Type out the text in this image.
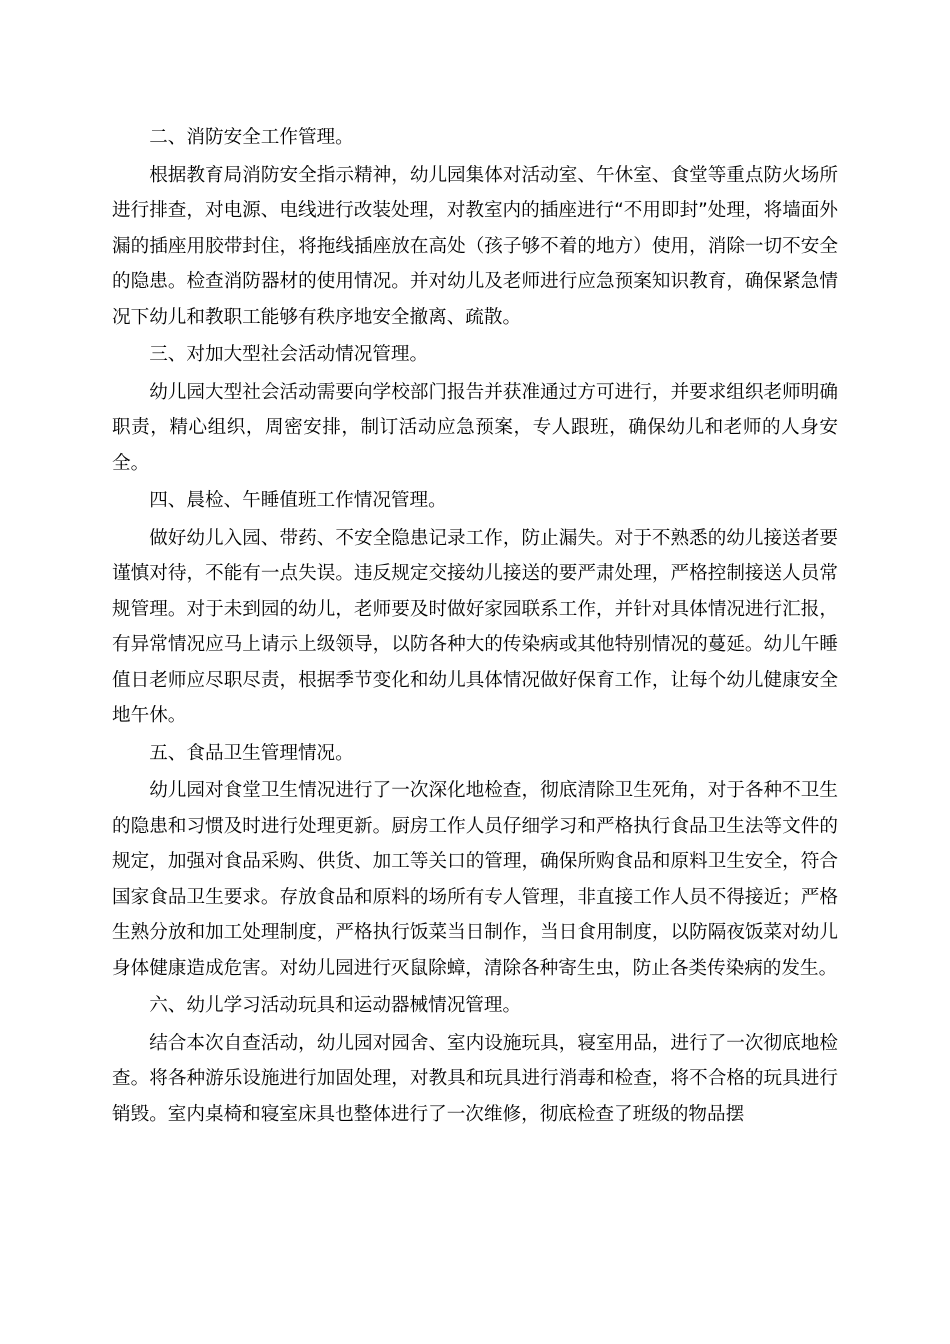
二、消防安全工作管理。

根据教育局消防安全指示精神，幼儿园集体对活动室、午休室、食堂等重点防火场所进行排查，对电源、电线进行改装处理，对教室内的插座进行“不用即封”处理，将墙面外漏的插座用胶带封住，将拖线插座放在高处（孩子够不着的地方）使用，消除一切不安全的隐患。检查消防器材的使用情况。并对幼儿及老师进行应急预案知识教育，确保紧急情况下幼儿和教职工能够有秩序地安全撤离、疏散。

三、对加大型社会活动情况管理。

幼儿园大型社会活动需要向学校部门报告并获准通过方可进行，并要求组织老师明确职责，精心组织，周密安排，制订活动应急预案，专人跟班，确保幼儿和老师的人身安全。

四、晨检、午睡值班工作情况管理。

做好幼儿入园、带药、不安全隐患记录工作，防止漏失。对于不熟悉的幼儿接送者要谨慎对待，不能有一点失误。违反规定交接幼儿接送的要严肃处理，严格控制接送人员常规管理。对于未到园的幼儿，老师要及时做好家园联系工作，并针对具体情况进行汇报，有异常情况应马上请示上级领导，以防各种大的传染病或其他特别情况的蔓延。幼儿午睡值日老师应尽职尽责，根据季节变化和幼儿具体情况做好保育工作，让每个幼儿健康安全地午休。

五、食品卫生管理情况。

幼儿园对食堂卫生情况进行了一次深化地检查，彻底清除卫生死角，对于各种不卫生的隐患和习惯及时进行处理更新。厨房工作人员仔细学习和严格执行食品卫生法等文件的规定，加强对食品采购、供货、加工等关口的管理，确保所购食品和原料卫生安全，符合国家食品卫生要求。存放食品和原料的场所有专人管理，非直接工作人员不得接近；严格生熟分放和加工处理制度，严格执行饭菜当日制作，当日食用制度，以防隔夜饭菜对幼儿身体健康造成危害。对幼儿园进行灭鼠除蟑，清除各种寄生虫，防止各类传染病的发生。

六、幼儿学习活动玩具和运动器械情况管理。

结合本次自查活动，幼儿园对园舍、室内设施玩具，寝室用品，进行了一次彻底地检查。将各种游乐设施进行加固处理，对教具和玩具进行消毒和检查，将不合格的玩具进行销毁。室内桌椅和寝室床具也整体进行了一次维修，彻底检查了班级的物品摆
